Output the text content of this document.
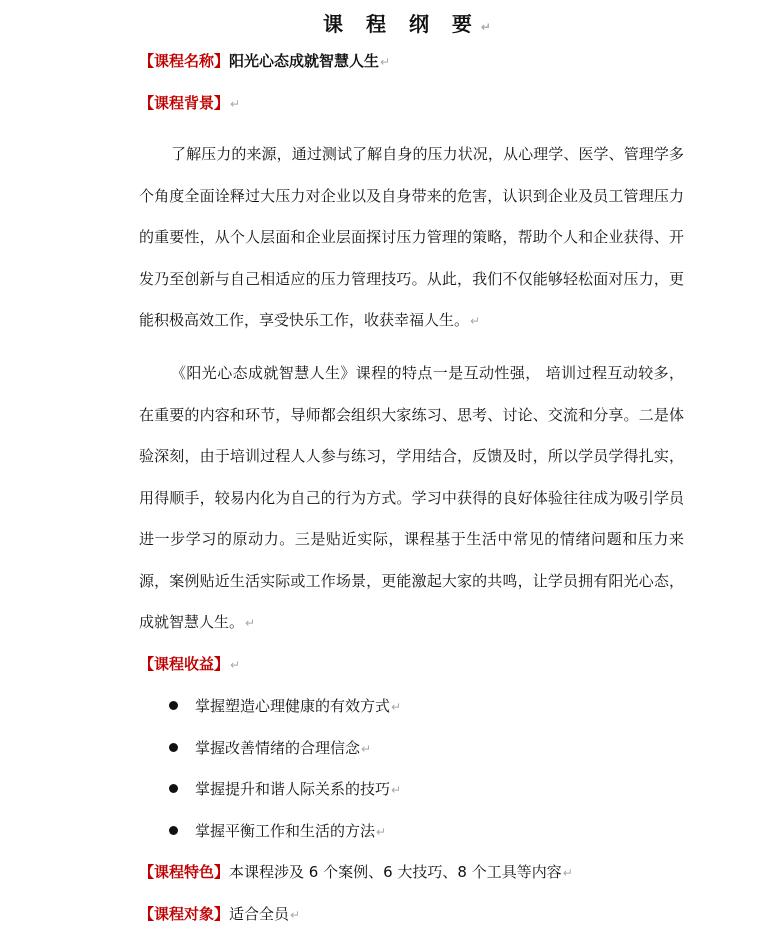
课 程 纲 要↵
【课程名称】阳光心态成就智慧人生↵
【课程背景】↵

了解压力的来源，通过测试了解自身的压力状况，从心理学、医学、管理学多个角度全面诠释过大压力对企业以及自身带来的危害，认识到企业及员工管理压力的重要性，从个人层面和企业层面探讨压力管理的策略，帮助个人和企业获得、开发乃至创新与自己相适应的压力管理技巧。从此，我们不仅能够轻松面对压力，更能积极高效工作，享受快乐工作，收获幸福人生。↵

《阳光心态成就智慧人生》课程的特点一是互动性强， 培训过程互动较多，在重要的内容和环节，导师都会组织大家练习、思考、讨论、交流和分享。二是体验深刻，由于培训过程人人参与练习，学用结合，反馈及时，所以学员学得扎实，用得顺手，较易内化为自己的行为方式。学习中获得的良好体验往往成为吸引学员进一步学习的原动力。三是贴近实际，课程基于生活中常见的情绪问题和压力来源，案例贴近生活实际或工作场景，更能激起大家的共鸣，让学员拥有阳光心态，成就智慧人生。↵

【课程收益】↵
掌握塑造心理健康的有效方式↵
掌握改善情绪的合理信念↵
掌握提升和谐人际关系的技巧↵
掌握平衡工作和生活的方法↵
【课程特色】本课程涉及 6 个案例、6 大技巧、8 个工具等内容↵
【课程对象】适合全员↵
